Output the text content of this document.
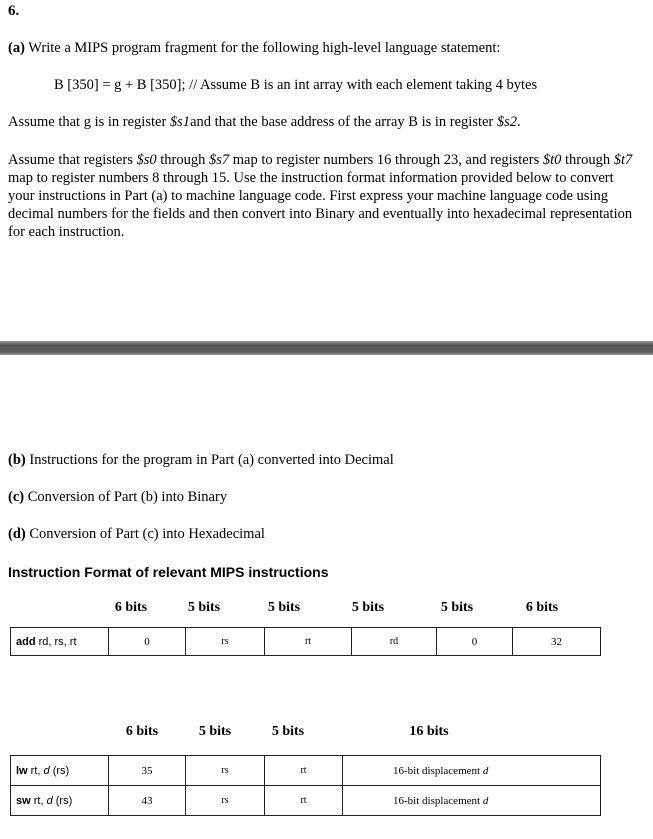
6.
(a) Write a MIPS program fragment for the following high-level language statement:
B [350] = g + B [350]; // Assume B is an int array with each element taking 4 bytes
Assume that g is in register $s1and that the base address of the array B is in register $s2.
Assume that registers $s0 through $s7 map to register numbers 16 through 23, and registers $t0 through $t7 map to register numbers 8 through 15. Use the instruction format information provided below to convert your instructions in Part (a) to machine language code. First express your machine language code using decimal numbers for the fields and then convert into Binary and eventually into hexadecimal representation for each instruction.
(b) Instructions for the program in Part (a) converted into Decimal
(c) Conversion of Part (b) into Binary
(d) Conversion of Part (c) into Hexadecimal
Instruction Format of relevant MIPS instructions
6 bits	5 bits	5 bits	5 bits	5 bits	6 bits
add rd, rs, rt	0	rs	rt	rd	0	32
6 bits	5 bits	5 bits	16 bits
lw rt, d (rs)	35	rs	rt	16-bit displacement d
sw rt, d (rs)	43	rs	rt	16-bit displacement d
